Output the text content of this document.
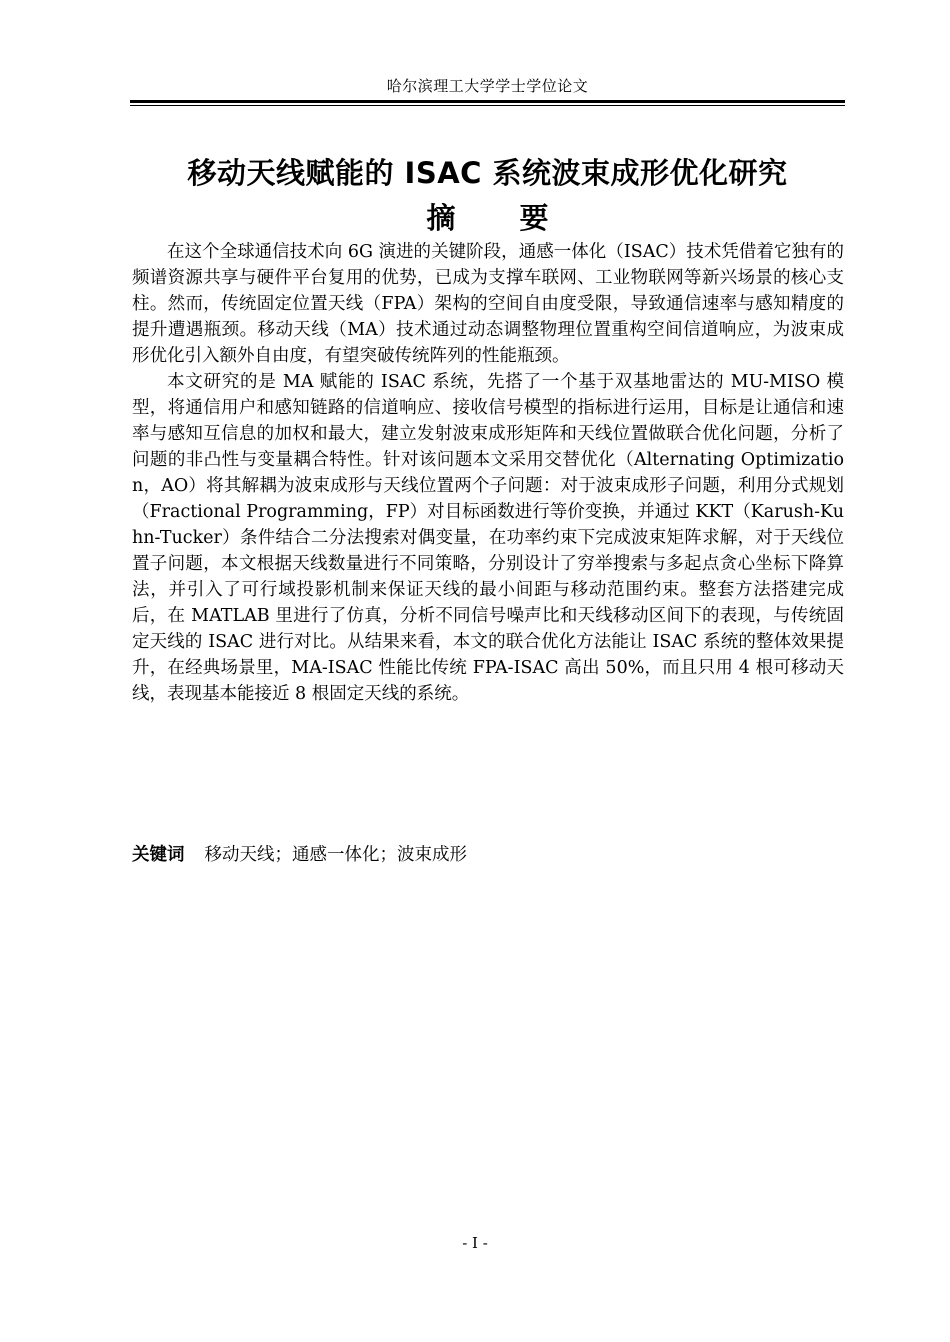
哈尔滨理工大学学士学位论文
移动天线赋能的 ISAC 系统波束成形优化研究
摘 要

在这个全球通信技术向 6G 演进的关键阶段，通感一体化（ISAC）技术凭借着它独有的频谱资源共享与硬件平台复用的优势，已成为支撑车联网、工业物联网等新兴场景的核心支柱。然而，传统固定位置天线（FPA）架构的空间自由度受限，导致通信速率与感知精度的提升遭遇瓶颈。移动天线（MA）技术通过动态调整物理位置重构空间信道响应，为波束成形优化引入额外自由度，有望突破传统阵列的性能瓶颈。

本文研究的是 MA 赋能的 ISAC 系统，先搭了一个基于双基地雷达的 MU-MISO 模型，将通信用户和感知链路的信道响应、接收信号模型的指标进行运用，目标是让通信和速率与感知互信息的加权和最大，建立发射波束成形矩阵和天线位置做联合优化问题，分析了问题的非凸性与变量耦合特性。针对该问题本文采用交替优化（Alternating Optimization，AO）将其解耦为波束成形与天线位置两个子问题：对于波束成形子问题，利用分式规划（Fractional Programming，FP）对目标函数进行等价变换，并通过 KKT（Karush-Kuhn-Tucker）条件结合二分法搜索对偶变量，在功率约束下完成波束矩阵求解，对于天线位置子问题，本文根据天线数量进行不同策略，分别设计了穷举搜索与多起点贪心坐标下降算法，并引入了可行域投影机制来保证天线的最小间距与移动范围约束。整套方法搭建完成后，在 MATLAB 里进行了仿真，分析不同信号噪声比和天线移动区间下的表现，与传统固定天线的 ISAC 进行对比。从结果来看，本文的联合优化方法能让 ISAC 系统的整体效果提升，在经典场景里，MA-ISAC 性能比传统 FPA-ISAC 高出 50%，而且只用 4 根可移动天线，表现基本能接近 8 根固定天线的系统。

关键词 移动天线；通感一体化；波束成形
- I -
